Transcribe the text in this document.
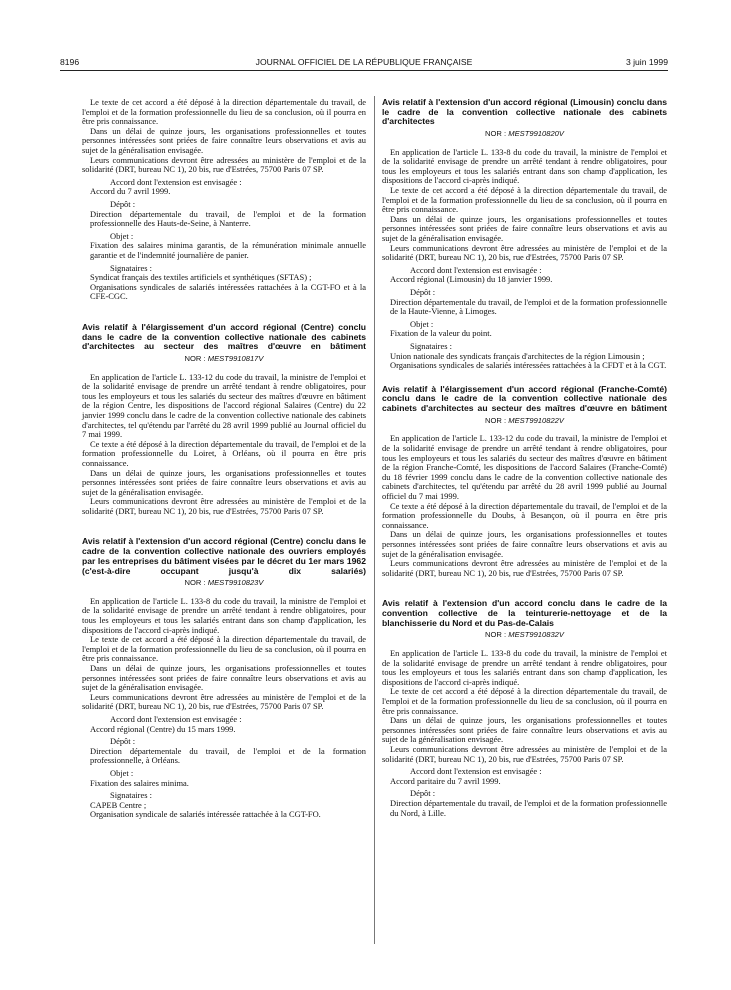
8196	JOURNAL OFFICIEL DE LA RÉPUBLIQUE FRANÇAISE	3 juin 1999

Le texte de cet accord a été déposé à la direction départementale du travail, de l'emploi et de la formation professionnelle du lieu de sa conclusion, où il pourra en être pris connaissance.

Dans un délai de quinze jours, les organisations professionnelles et toutes personnes intéressées sont priées de faire connaître leurs observations et avis au sujet de la généralisation envisagée.

Leurs communications devront être adressées au ministère de l'emploi et de la solidarité (DRT, bureau NC 1), 20 bis, rue d'Estrées, 75700 Paris 07 SP.

Accord dont l'extension est envisagée :

Accord du 7 avril 1999.

Dépôt :

Direction départementale du travail, de l'emploi et de la formation professionnelle des Hauts-de-Seine, à Nanterre.

Objet :

Fixation des salaires minima garantis, de la rémunération minimale annuelle garantie et de l'indemnité journalière de panier.

Signataires :

Syndicat français des textiles artificiels et synthétiques (SFTAS) ;

Organisations syndicales de salariés intéressées rattachées à la CGT-FO et à la CFE-CGC.

Avis relatif à l'élargissement d'un accord régional (Centre) conclu dans le cadre de la convention collective nationale des cabinets d'architectes au secteur des maîtres d'œuvre en bâtiment

NOR : MEST9910817V

En application de l'article L. 133-12 du code du travail, la ministre de l'emploi et de la solidarité envisage de prendre un arrêté tendant à rendre obligatoires, pour tous les employeurs et tous les salariés du secteur des maîtres d'œuvre en bâtiment de la région Centre, les dispositions de l'accord régional Salaires (Centre) du 22 janvier 1999 conclu dans le cadre de la convention collective nationale des cabinets d'architectes, tel qu'étendu par l'arrêté du 28 avril 1999 publié au Journal officiel du 7 mai 1999.

Ce texte a été déposé à la direction départementale du travail, de l'emploi et de la formation professionnelle du Loiret, à Orléans, où il pourra en être pris connaissance.

Dans un délai de quinze jours, les organisations professionnelles et toutes personnes intéressées sont priées de faire connaître leurs observations et avis au sujet de la généralisation envisagée.

Leurs communications devront être adressées au ministère de l'emploi et de la solidarité (DRT, bureau NC 1), 20 bis, rue d'Estrées, 75700 Paris 07 SP.

Avis relatif à l'extension d'un accord régional (Centre) conclu dans le cadre de la convention collective nationale des ouvriers employés par les entreprises du bâtiment visées par le décret du 1er mars 1962 (c'est-à-dire occupant jusqu'à dix salariés)

NOR : MEST9910823V

En application de l'article L. 133-8 du code du travail, la ministre de l'emploi et de la solidarité envisage de prendre un arrêté tendant à rendre obligatoires, pour tous les employeurs et tous les salariés entrant dans son champ d'application, les dispositions de l'accord ci-après indiqué.

Le texte de cet accord a été déposé à la direction départementale du travail, de l'emploi et de la formation professionnelle du lieu de sa conclusion, où il pourra en être pris connaissance.

Dans un délai de quinze jours, les organisations professionnelles et toutes personnes intéressées sont priées de faire connaître leurs observations et avis au sujet de la généralisation envisagée.

Leurs communications devront être adressées au ministère de l'emploi et de la solidarité (DRT, bureau NC 1), 20 bis, rue d'Estrées, 75700 Paris 07 SP.

Accord dont l'extension est envisagée :

Accord régional (Centre) du 15 mars 1999.

Dépôt :

Direction départementale du travail, de l'emploi et de la formation professionnelle, à Orléans.

Objet :

Fixation des salaires minima.

Signataires :

CAPEB Centre ;

Organisation syndicale de salariés intéressée rattachée à la CGT-FO.

Avis relatif à l'extension d'un accord régional (Limousin) conclu dans le cadre de la convention collective nationale des cabinets d'architectes

NOR : MEST9910820V

En application de l'article L. 133-8 du code du travail, la ministre de l'emploi et de la solidarité envisage de prendre un arrêté tendant à rendre obligatoires, pour tous les employeurs et tous les salariés entrant dans son champ d'application, les dispositions de l'accord ci-après indiqué.

Le texte de cet accord a été déposé à la direction départementale du travail, de l'emploi et de la formation professionnelle du lieu de sa conclusion, où il pourra en être pris connaissance.

Dans un délai de quinze jours, les organisations professionnelles et toutes personnes intéressées sont priées de faire connaître leurs observations et avis au sujet de la généralisation envisagée.

Leurs communications devront être adressées au ministère de l'emploi et de la solidarité (DRT, bureau NC 1), 20 bis, rue d'Estrées, 75700 Paris 07 SP.

Accord dont l'extension est envisagée :

Accord régional (Limousin) du 18 janvier 1999.

Dépôt :

Direction départementale du travail, de l'emploi et de la formation professionnelle de la Haute-Vienne, à Limoges.

Objet :

Fixation de la valeur du point.

Signataires :

Union nationale des syndicats français d'architectes de la région Limousin ;

Organisations syndicales de salariés intéressées rattachées à la CFDT et à la CGT.

Avis relatif à l'élargissement d'un accord régional (Franche-Comté) conclu dans le cadre de la convention collective nationale des cabinets d'architectes au secteur des maîtres d'œuvre en bâtiment

NOR : MEST9910822V

En application de l'article L. 133-12 du code du travail, la ministre de l'emploi et de la solidarité envisage de prendre un arrêté tendant à rendre obligatoires, pour tous les employeurs et tous les salariés du secteur des maîtres d'œuvre en bâtiment de la région Franche-Comté, les dispositions de l'accord Salaires (Franche-Comté) du 18 février 1999 conclu dans le cadre de la convention collective nationale des cabinets d'architectes, tel qu'étendu par arrêté du 28 avril 1999 publié au Journal officiel du 7 mai 1999.

Ce texte a été déposé à la direction départementale du travail, de l'emploi et de la formation professionnelle du Doubs, à Besançon, où il pourra en être pris connaissance.

Dans un délai de quinze jours, les organisations professionnelles et toutes personnes intéressées sont priées de faire connaître leurs observations et avis au sujet de la généralisation envisagée.

Leurs communications devront être adressées au ministère de l'emploi et de la solidarité (DRT, bureau NC 1), 20 bis, rue d'Estrées, 75700 Paris 07 SP.

Avis relatif à l'extension d'un accord conclu dans le cadre de la convention collective de la teinturerie-nettoyage et de la blanchisserie du Nord et du Pas-de-Calais

NOR : MEST9910832V

En application de l'article L. 133-8 du code du travail, la ministre de l'emploi et de la solidarité envisage de prendre un arrêté tendant à rendre obligatoires, pour tous les employeurs et tous les salariés entrant dans son champ d'application, les dispositions de l'accord ci-après indiqué.

Le texte de cet accord a été déposé à la direction départementale du travail, de l'emploi et de la formation professionnelle du lieu de sa conclusion, où il pourra en être pris connaissance.

Dans un délai de quinze jours, les organisations professionnelles et toutes personnes intéressées sont priées de faire connaître leurs observations et avis au sujet de la généralisation envisagée.

Leurs communications devront être adressées au ministère de l'emploi et de la solidarité (DRT, bureau NC 1), 20 bis, rue d'Estrées, 75700 Paris 07 SP.

Accord dont l'extension est envisagée :

Accord paritaire du 7 avril 1999.

Dépôt :

Direction départementale du travail, de l'emploi et de la formation professionnelle du Nord, à Lille.
